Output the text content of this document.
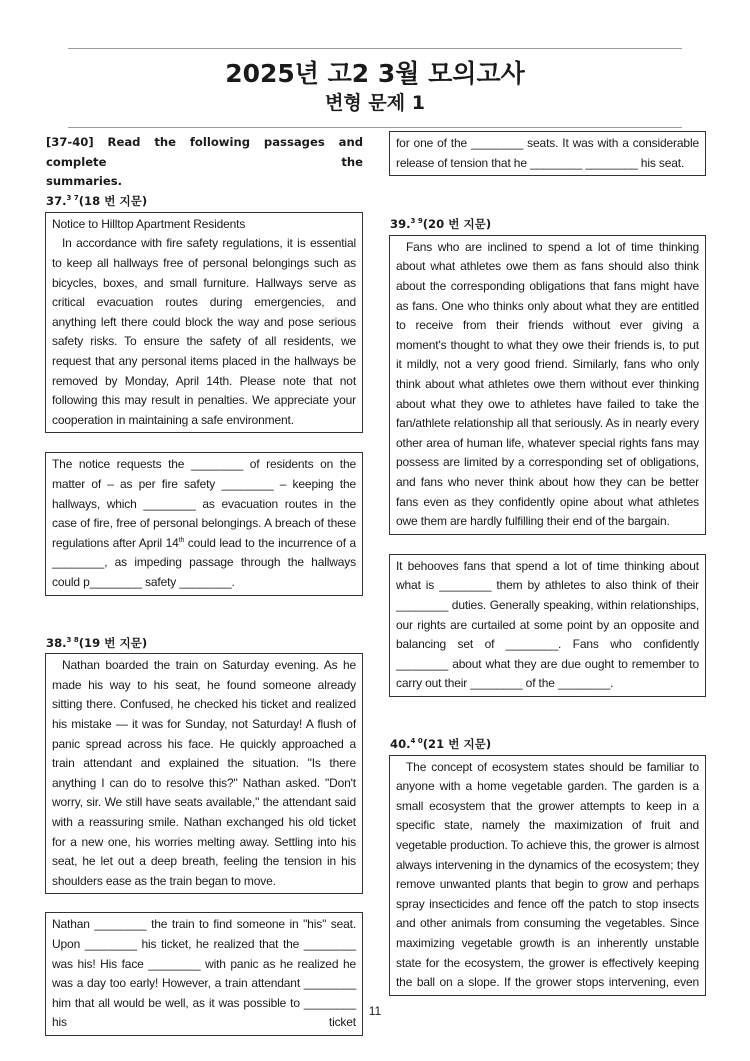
2025년 고2 3월 모의고사
변형 문제 1
[37-40] Read the following passages and complete the
summaries.
37.$^{3 7}$(18 번 지문)

Notice to Hilltop Apartment Residents

In accordance with fire safety regulations, it is essential to keep all hallways free of personal belongings such as bicycles, boxes, and small furniture. Hallways serve as critical evacuation routes during emergencies, and anything left there could block the way and pose serious safety risks. To ensure the safety of all residents, we request that any personal items placed in the hallways be removed by Monday, April 14th. Please note that not following this may result in penalties. We appreciate your cooperation in maintaining a safe environment.

The notice requests the ________ of residents on the matter of – as per fire safety ________ – keeping the hallways, which ________ as evacuation routes in the case of fire, free of personal belongings. A breach of these regulations after April 14th could lead to the incurrence of a ________, as impeding passage through the hallways could p________ safety ________.

38.$^{3 8}$(19 번 지문)

Nathan boarded the train on Saturday evening. As he made his way to his seat, he found someone already sitting there. Confused, he checked his ticket and realized his mistake — it was for Sunday, not Saturday! A flush of panic spread across his face. He quickly approached a train attendant and explained the situation. "Is there anything I can do to resolve this?" Nathan asked. "Don't worry, sir. We still have seats available," the attendant said with a reassuring smile. Nathan exchanged his old ticket for a new one, his worries melting away. Settling into his seat, he let out a deep breath, feeling the tension in his shoulders ease as the train began to move.

Nathan ________ the train to find someone in "his" seat. Upon ________ his ticket, he realized that the ________ was his! His face ________ with panic as he realized he was a day too early! However, a train attendant ________ him that all would be well, as it was possible to ________ his ticket

for one of the ________ seats. It was with a considerable release of tension that he ________ ________ his seat.

39.$^{3 9}$(20 번 지문)

Fans who are inclined to spend a lot of time thinking about what athletes owe them as fans should also think about the corresponding obligations that fans might have as fans. One who thinks only about what they are entitled to receive from their friends without ever giving a moment's thought to what they owe their friends is, to put it mildly, not a very good friend. Similarly, fans who only think about what athletes owe them without ever thinking about what they owe to athletes have failed to take the fan/athlete relationship all that seriously. As in nearly every other area of human life, whatever special rights fans may possess are limited by a corresponding set of obligations, and fans who never think about how they can be better fans even as they confidently opine about what athletes owe them are hardly fulfilling their end of the bargain.

It behooves fans that spend a lot of time thinking about what is ________ them by athletes to also think of their ________ duties. Generally speaking, within relationships, our rights are curtailed at some point by an opposite and balancing set of ________. Fans who confidently ________ about what they are due ought to remember to carry out their ________ of the ________.

40.$^{4 0}$(21 번 지문)

The concept of ecosystem states should be familiar to anyone with a home vegetable garden. The garden is a small ecosystem that the grower attempts to keep in a specific state, namely the maximization of fruit and vegetable production. To achieve this, the grower is almost always intervening in the dynamics of the ecosystem; they remove unwanted plants that begin to grow and perhaps spray insecticides and fence off the patch to stop insects and other animals from consuming the vegetables. Since maximizing vegetable growth is an inherently unstable state for the ecosystem, the grower is effectively keeping the ball on a slope. If the grower stops intervening, even

11
